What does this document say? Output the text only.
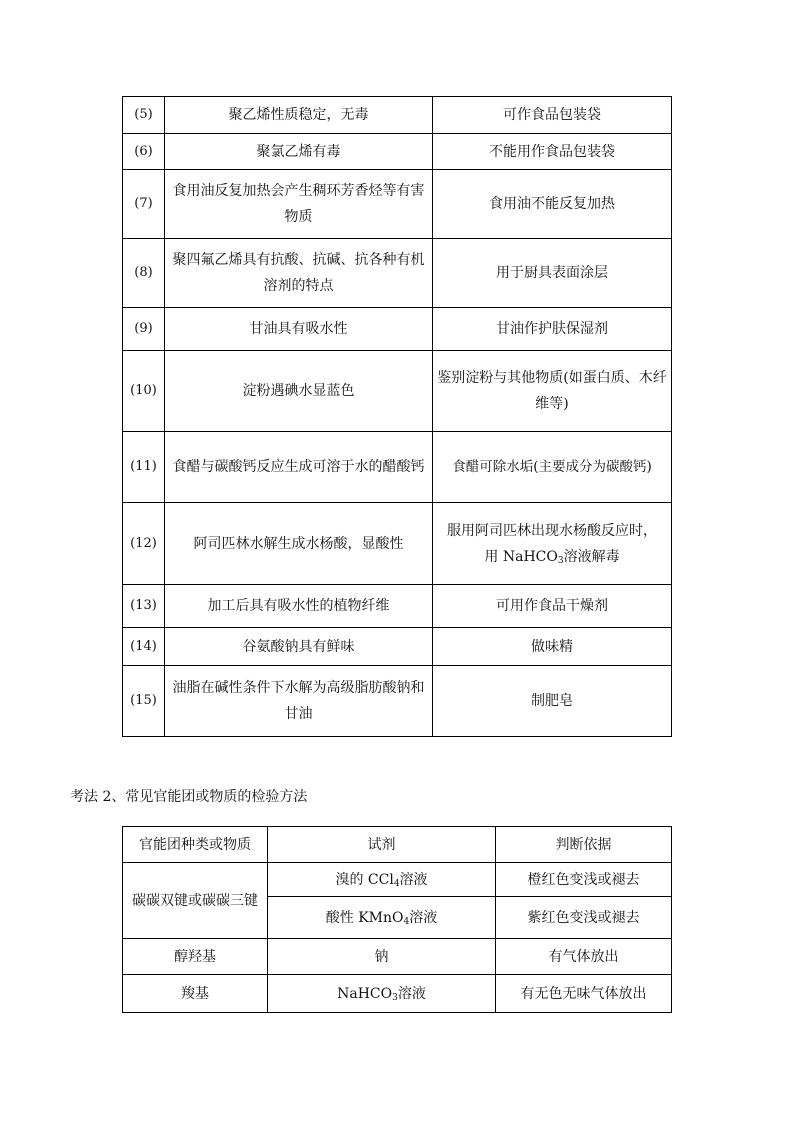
(5)	聚乙烯性质稳定，无毒	可作食品包装袋
(6)	聚氯乙烯有毒	不能用作食品包装袋
(7)	食用油反复加热会产生稠环芳香烃等有害物质	食用油不能反复加热
(8)	聚四氟乙烯具有抗酸、抗碱、抗各种有机溶剂的特点	用于厨具表面涂层
(9)	甘油具有吸水性	甘油作护肤保湿剂
(10)	淀粉遇碘水显蓝色	鉴别淀粉与其他物质(如蛋白质、木纤维等)
(11)	食醋与碳酸钙反应生成可溶于水的醋酸钙	食醋可除水垢(主要成分为碳酸钙)
(12)	阿司匹林水解生成水杨酸，显酸性	服用阿司匹林出现水杨酸反应时，
用 NaHCO$_3$溶液解毒

(13)	加工后具有吸水性的植物纤维	可用作食品干燥剂
(14)	谷氨酸钠具有鲜味	做味精
(15)	油脂在碱性条件下水解为高级脂肪酸钠和甘油	制肥皂
考法 2、常见官能团或物质的检验方法
官能团种类或物质	试剂	判断依据
碳碳双键或碳碳三键	溴的 CCl$_4$溶液	橙红色变浅或褪去
	酸性 KMnO$_4$溶液	紫红色变浅或褪去
醇羟基	钠	有气体放出
羧基	NaHCO$_3$溶液	有无色无味气体放出
